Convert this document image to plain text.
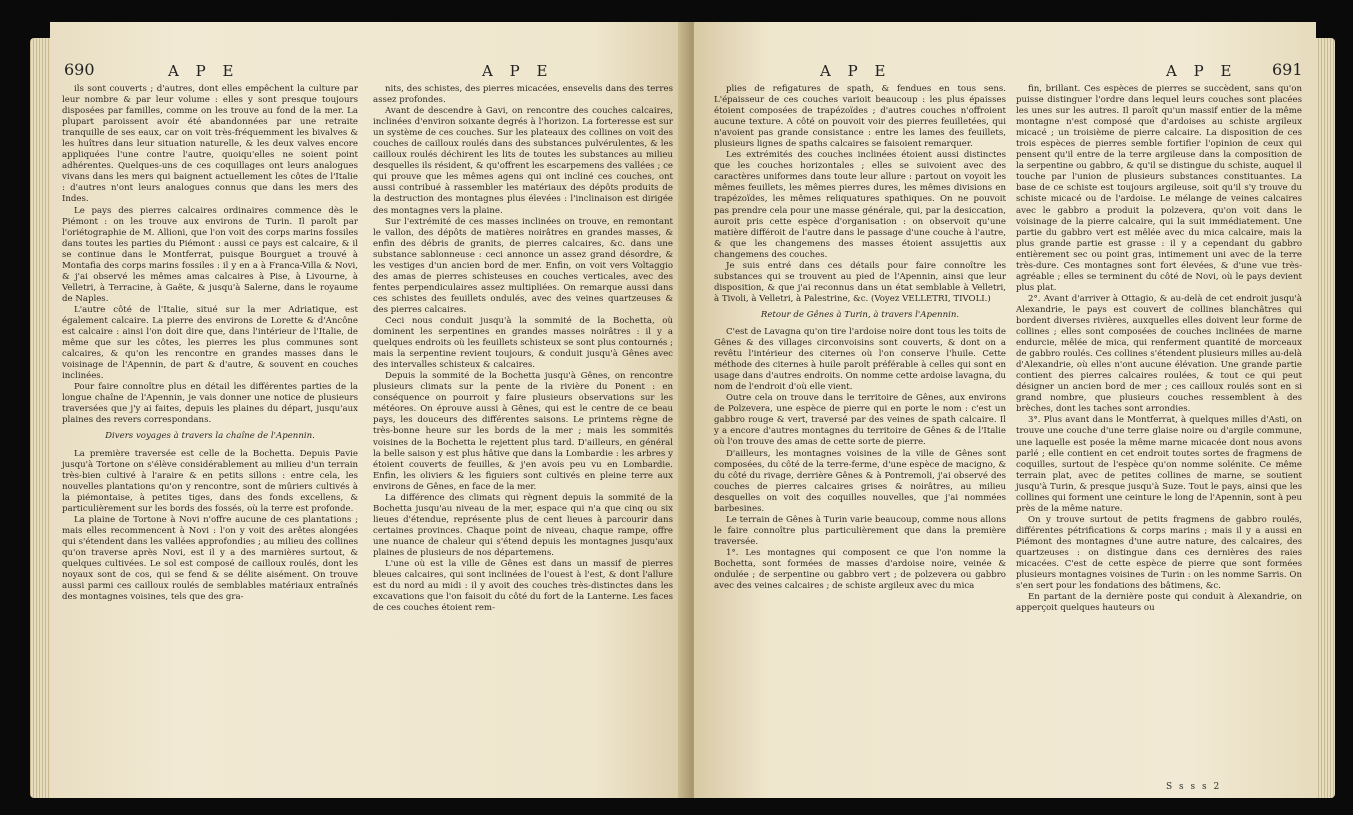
690	A P E	A P E

ils sont couverts ; d'autres, dont elles empêchent la culture par leur nombre & par leur volume : elles y sont presque toujours disposées par familles, comme on les trouve au fond de la mer. La plupart paroissent avoir été abandonnées par une retraite tranquille de ses eaux, car on voit très-fréquemment les bivalves & les huîtres dans leur situation naturelle, & les deux valves encore appliquées l'une contre l'autre, quoiqu'elles ne soient point adhérentes. Quelques-uns de ces coquillages ont leurs analogues vivans dans les mers qui baignent actuellement les côtes de l'Italie : d'autres n'ont leurs analogues connus que dans les mers des Indes.

Le pays des pierres calcaires ordinaires commence dès le Piémont : on les trouve aux environs de Turin. Il paroît par l'oriétographie de M. Allioni, que l'on voit des corps marins fossiles dans toutes les parties du Piémont : aussi ce pays est calcaire, & il se continue dans le Montferrat, puisque Bourguet a trouvé à Montafia des corps marins fossiles : il y en a à Franca-Villa & Novi, & j'ai observé les mêmes amas calcaires à Pise, à Livourne, à Velletri, à Terracine, à Gaëte, & jusqu'à Salerne, dans le royaume de Naples.

L'autre côté de l'Italie, situé sur la mer Adriatique, est également calcaire. La pierre des environs de Lorette & d'Ancône est calcaire : ainsi l'on doit dire que, dans l'intérieur de l'Italie, de même que sur les côtes, les pierres les plus communes sont calcaires, & qu'on les rencontre en grandes masses dans le voisinage de l'Apennin, de part & d'autre, & souvent en couches inclinées.

Pour faire connoître plus en détail les différentes parties de la longue chaîne de l'Apennin, je vais donner une notice de plusieurs traversées que j'y ai faites, depuis les plaines du départ, jusqu'aux plaines des revers correspondans.

Divers voyages à travers la chaîne de l'Apennin.

La première traversée est celle de la Bochetta. Depuis Pavie jusqu'à Tortone on s'élève considérablement au milieu d'un terrain très-bien cultivé à l'araire & en petits sillons : entre cela, les nouvelles plantations qu'on y rencontre, sont de mûriers cultivés à la piémontaise, à petites tiges, dans des fonds excellens, & particulièrement sur les bords des fossés, où la terre est profonde.

La plaine de Tortone à Novi n'offre aucune de ces plantations ; mais elles recommencent à Novi : l'on y voit des arêtes alongées qui s'étendent dans les vallées approfondies ; au milieu des collines qu'on traverse après Novi, est il y a des marnières surtout, & quelques cultivées. Le sol est composé de cailloux roulés, dont les noyaux sont de cos, qui se fend & se délite aisément. On trouve aussi parmi ces cailloux roulés de semblables matériaux entraînés des montagnes voisines, tels que des gra-

nits, des schistes, des pierres micacées, ensevelis dans des terres assez profondes.

Avant de descendre à Gavi, on rencontre des couches calcaires, inclinées d'environ soixante degrés à l'horizon. La forteresse est sur un système de ces couches. Sur les plateaux des collines on voit des couches de cailloux roulés dans des substances pulvérulentes, & les cailloux roulés déchirent les lits de toutes les substances au milieu desquelles ils résident, & qu'offrent les escarpemens des vallées ; ce qui prouve que les mêmes agens qui ont incliné ces couches, ont aussi contribué à rassembler les matériaux des dépôts produits de la destruction des montagnes plus élevées : l'inclinaison est dirigée des montagnes vers la plaine.

Sur l'extrémité de ces masses inclinées on trouve, en remontant le vallon, des dépôts de matières noirâtres en grandes masses, & enfin des débris de granits, de pierres calcaires, &c. dans une substance sablonneuse : ceci annonce un assez grand désordre, & les vestiges d'un ancien bord de mer. Enfin, on voit vers Voltaggio des amas de pierres schisteuses en couches verticales, avec des fentes perpendiculaires assez multipliées. On remarque aussi dans ces schistes des feuillets ondulés, avec des veines quartzeuses & des pierres calcaires.

Ceci nous conduit jusqu'à la sommité de la Bochetta, où dominent les serpentines en grandes masses noirâtres : il y a quelques endroits où les feuillets schisteux se sont plus contournés ; mais la serpentine revient toujours, & conduit jusqu'à Gênes avec des intervalles schisteux & calcaires.

Depuis la sommité de la Bochetta jusqu'à Gênes, on rencontre plusieurs climats sur la pente de la rivière du Ponent : en conséquence on pourroit y faire plusieurs observations sur les météores. On éprouve aussi à Gênes, qui est le centre de ce beau pays, les douceurs des différentes saisons. Le printems règne de très-bonne heure sur les bords de la mer ; mais les sommités voisines de la Bochetta le rejettent plus tard. D'ailleurs, en général la belle saison y est plus hâtive que dans la Lombardie : les arbres y étoient couverts de feuilles, & j'en avois peu vu en Lombardie. Enfin, les oliviers & les figuiers sont cultivés en pleine terre aux environs de Gênes, en face de la mer.

La différence des climats qui règnent depuis la sommité de la Bochetta jusqu'au niveau de la mer, espace qui n'a que cinq ou six lieues d'étendue, représente plus de cent lieues à parcourir dans certaines provinces. Chaque point de niveau, chaque rampe, offre une nuance de chaleur qui s'étend depuis les montagnes jusqu'aux plaines de plusieurs de nos départemens.

L'une où est la ville de Gênes est dans un massif de pierres bleues calcaires, qui sont inclinées de l'ouest à l'est, & dont l'allure est du nord au midi : il y avoit des couches très-distinctes dans les excavations que l'on faisoit du côté du fort de la Lanterne. Les faces de ces couches étoient rem-

A P E	A P E 691

plies de refigatures de spath, & fendues en tous sens. L'épaisseur de ces couches varioit beaucoup : les plus épaisses étoient composées de trapézoïdes ; d'autres couches n'offroient aucune texture. A côté on pouvoit voir des pierres feuilletées, qui n'avoient pas grande consistance : entre les lames des feuillets, plusieurs lignes de spaths calcaires se faisoient remarquer.

Les extrémités des couches inclinées étoient aussi distinctes que les couches horizontales ; elles se suivoient avec des caractères uniformes dans toute leur allure : partout on voyoit les mêmes feuillets, les mêmes pierres dures, les mêmes divisions en trapézoïdes, les mêmes reliquatures spathiques. On ne pouvoit pas prendre cela pour une masse générale, qui, par la desiccation, auroit pris cette espèce d'organisation : on observoit qu'une matière différoit de l'autre dans le passage d'une couche à l'autre, & que les changemens des masses étoient assujettis aux changemens des couches.

Je suis entré dans ces détails pour faire connoître les substances qui se trouvent au pied de l'Apennin, ainsi que leur disposition, & que j'ai reconnus dans un état semblable à Velletri, à Tivoli, à Velletri, à Palestrine, &c. (Voyez VELLETRI, TIVOLI.)

Retour de Gênes à Turin, à travers l'Apennin.

C'est de Lavagna qu'on tire l'ardoise noire dont tous les toits de Gênes & des villages circonvoisins sont couverts, & dont on a revêtu l'intérieur des citernes où l'on conserve l'huile. Cette méthode des citernes à huile paroît préférable à celles qui sont en usage dans d'autres endroits. On nomme cette ardoise lavagna, du nom de l'endroit d'où elle vient.

Outre cela on trouve dans le territoire de Gênes, aux environs de Polzevera, une espèce de pierre qui en porte le nom : c'est un gabbro rouge & vert, traversé par des veines de spath calcaire. Il y a encore d'autres montagnes du territoire de Gênes & de l'Italie où l'on trouve des amas de cette sorte de pierre.

D'ailleurs, les montagnes voisines de la ville de Gênes sont composées, du côté de la terre-ferme, d'une espèce de macigno, & du côté du rivage, derrière Gênes & à Pontremoli, j'ai observé des couches de pierres calcaires grises & noirâtres, au milieu desquelles on voit des coquilles nouvelles, que j'ai nommées barbesines.

Le terrain de Gênes à Turin varie beaucoup, comme nous allons le faire connoître plus particulièrement que dans la première traversée.

1°. Les montagnes qui composent ce que l'on nomme la Bochetta, sont formées de masses d'ardoise noire, veinée & ondulée ; de serpentine ou gabbro vert ; de polzevera ou gabbro avec des veines calcaires ; de schiste argileux avec du mica

fin, brillant. Ces espèces de pierres se succèdent, sans qu'on puisse distinguer l'ordre dans lequel leurs couches sont placées les unes sur les autres. Il paroît qu'un massif entier de la même montagne n'est composé que d'ardoises au schiste argileux micacé ; un troisième de pierre calcaire. La disposition de ces trois espèces de pierres semble fortifier l'opinion de ceux qui pensent qu'il entre de la terre argileuse dans la composition de la serpentine ou gabbro, & qu'il se distingue du schiste, auquel il touche par l'union de plusieurs substances constituantes. La base de ce schiste est toujours argileuse, soit qu'il s'y trouve du schiste micacé ou de l'ardoise. Le mélange de veines calcaires avec le gabbro a produit la polzevera, qu'on voit dans le voisinage de la pierre calcaire, qui la suit immédiatement. Une partie du gabbro vert est mêlée avec du mica calcaire, mais la plus grande partie est grasse : il y a cependant du gabbro entièrement sec ou point gras, intimement uni avec de la terre très-dure. Ces montagnes sont fort élevées, & d'une vue très-agréable ; elles se terminent du côté de Novi, où le pays devient plus plat.

2°. Avant d'arriver à Ottagio, & au-delà de cet endroit jusqu'à Alexandrie, le pays est couvert de collines blanchâtres qui bordent diverses rivières, auxquelles elles doivent leur forme de collines ; elles sont composées de couches inclinées de marne endurcie, mêlée de mica, qui renferment quantité de morceaux de gabbro roulés. Ces collines s'étendent plusieurs milles au-delà d'Alexandrie, où elles n'ont aucune élévation. Une grande partie contient des pierres calcaires roulées, & tout ce qui peut désigner un ancien bord de mer ; ces cailloux roulés sont en si grand nombre, que plusieurs couches ressemblent à des brèches, dont les taches sont arrondies.

3°. Plus avant dans le Montferrat, à quelques milles d'Asti, on trouve une couche d'une terre glaise noire ou d'argile commune, une laquelle est posée la même marne micacée dont nous avons parlé ; elle contient en cet endroit toutes sortes de fragmens de coquilles, surtout de l'espèce qu'on nomme solénite. Ce même terrain plat, avec de petites collines de marne, se soutient jusqu'à Turin, & presque jusqu'à Suze. Tout le pays, ainsi que les collines qui forment une ceinture le long de l'Apennin, sont à peu près de la même nature.

On y trouve surtout de petits fragmens de gabbro roulés, différentes pétrifications & corps marins ; mais il y a aussi en Piémont des montagnes d'une autre nature, des calcaires, des quartzeuses : on distingue dans ces dernières des raies micacées. C'est de cette espèce de pierre que sont formées plusieurs montagnes voisines de Turin : on les nomme Sarris. On s'en sert pour les fondations des bâtimens, &c.

En partant de la dernière poste qui conduit à Alexandrie, on apperçoit quelques hauteurs ou

S s s s 2
